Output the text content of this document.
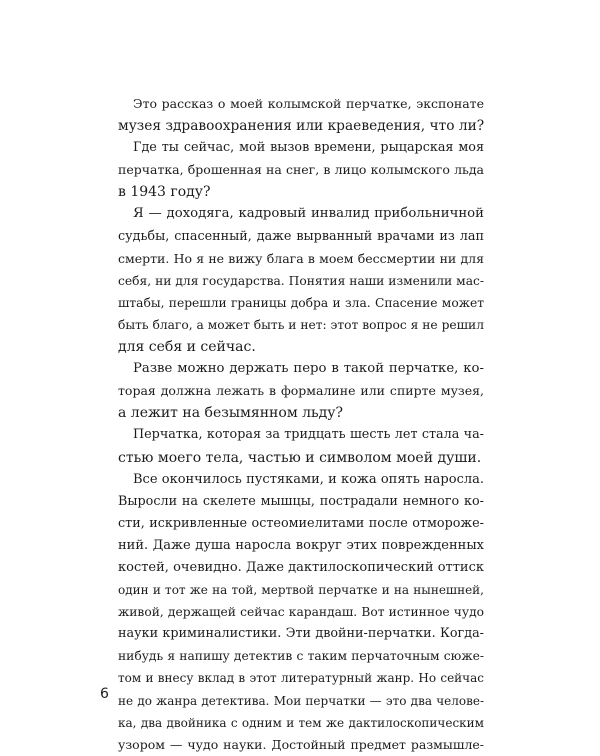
Это рассказ о моей колымской перчатке, экспонате
музея здравоохранения или краеведения, что ли?

Где ты сейчас, мой вызов времени, рыцарская моя
перчатка, брошенная на снег, в лицо колымского льда
в 1943 году?

Я — доходяга, кадровый инвалид прибольничной
судьбы, спасенный, даже вырванный врачами из лап
смерти. Но я не вижу блага в моем бессмертии ни для
себя, ни для государства. Понятия наши изменили мас-
штабы, перешли границы добра и зла. Спасение может
быть благо, а может быть и нет: этот вопрос я не решил
для себя и сейчас.

Разве можно держать перо в такой перчатке, ко-
торая должна лежать в формалине или спирте музея,
а лежит на безымянном льду?

Перчатка, которая за тридцать шесть лет стала ча-
стью моего тела, частью и символом моей души.

Все окончилось пустяками, и кожа опять наросла.
Выросли на скелете мышцы, пострадали немного ко-
сти, искривленные остеомиелитами после отмороже-
ний. Даже душа наросла вокруг этих поврежденных
костей, очевидно. Даже дактилоскопический оттиск
один и тот же на той, мертвой перчатке и на нынешней,
живой, держащей сейчас карандаш. Вот истинное чудо
науки криминалистики. Эти двойни-перчатки. Когда-
нибудь я напишу детектив с таким перчаточным сюже-
том и внесу вклад в этот литературный жанр. Но сейчас
не до жанра детектива. Мои перчатки — это два челове-
ка, два двойника с одним и тем же дактилоскопическим
узором — чудо науки. Достойный предмет размышле-

6
